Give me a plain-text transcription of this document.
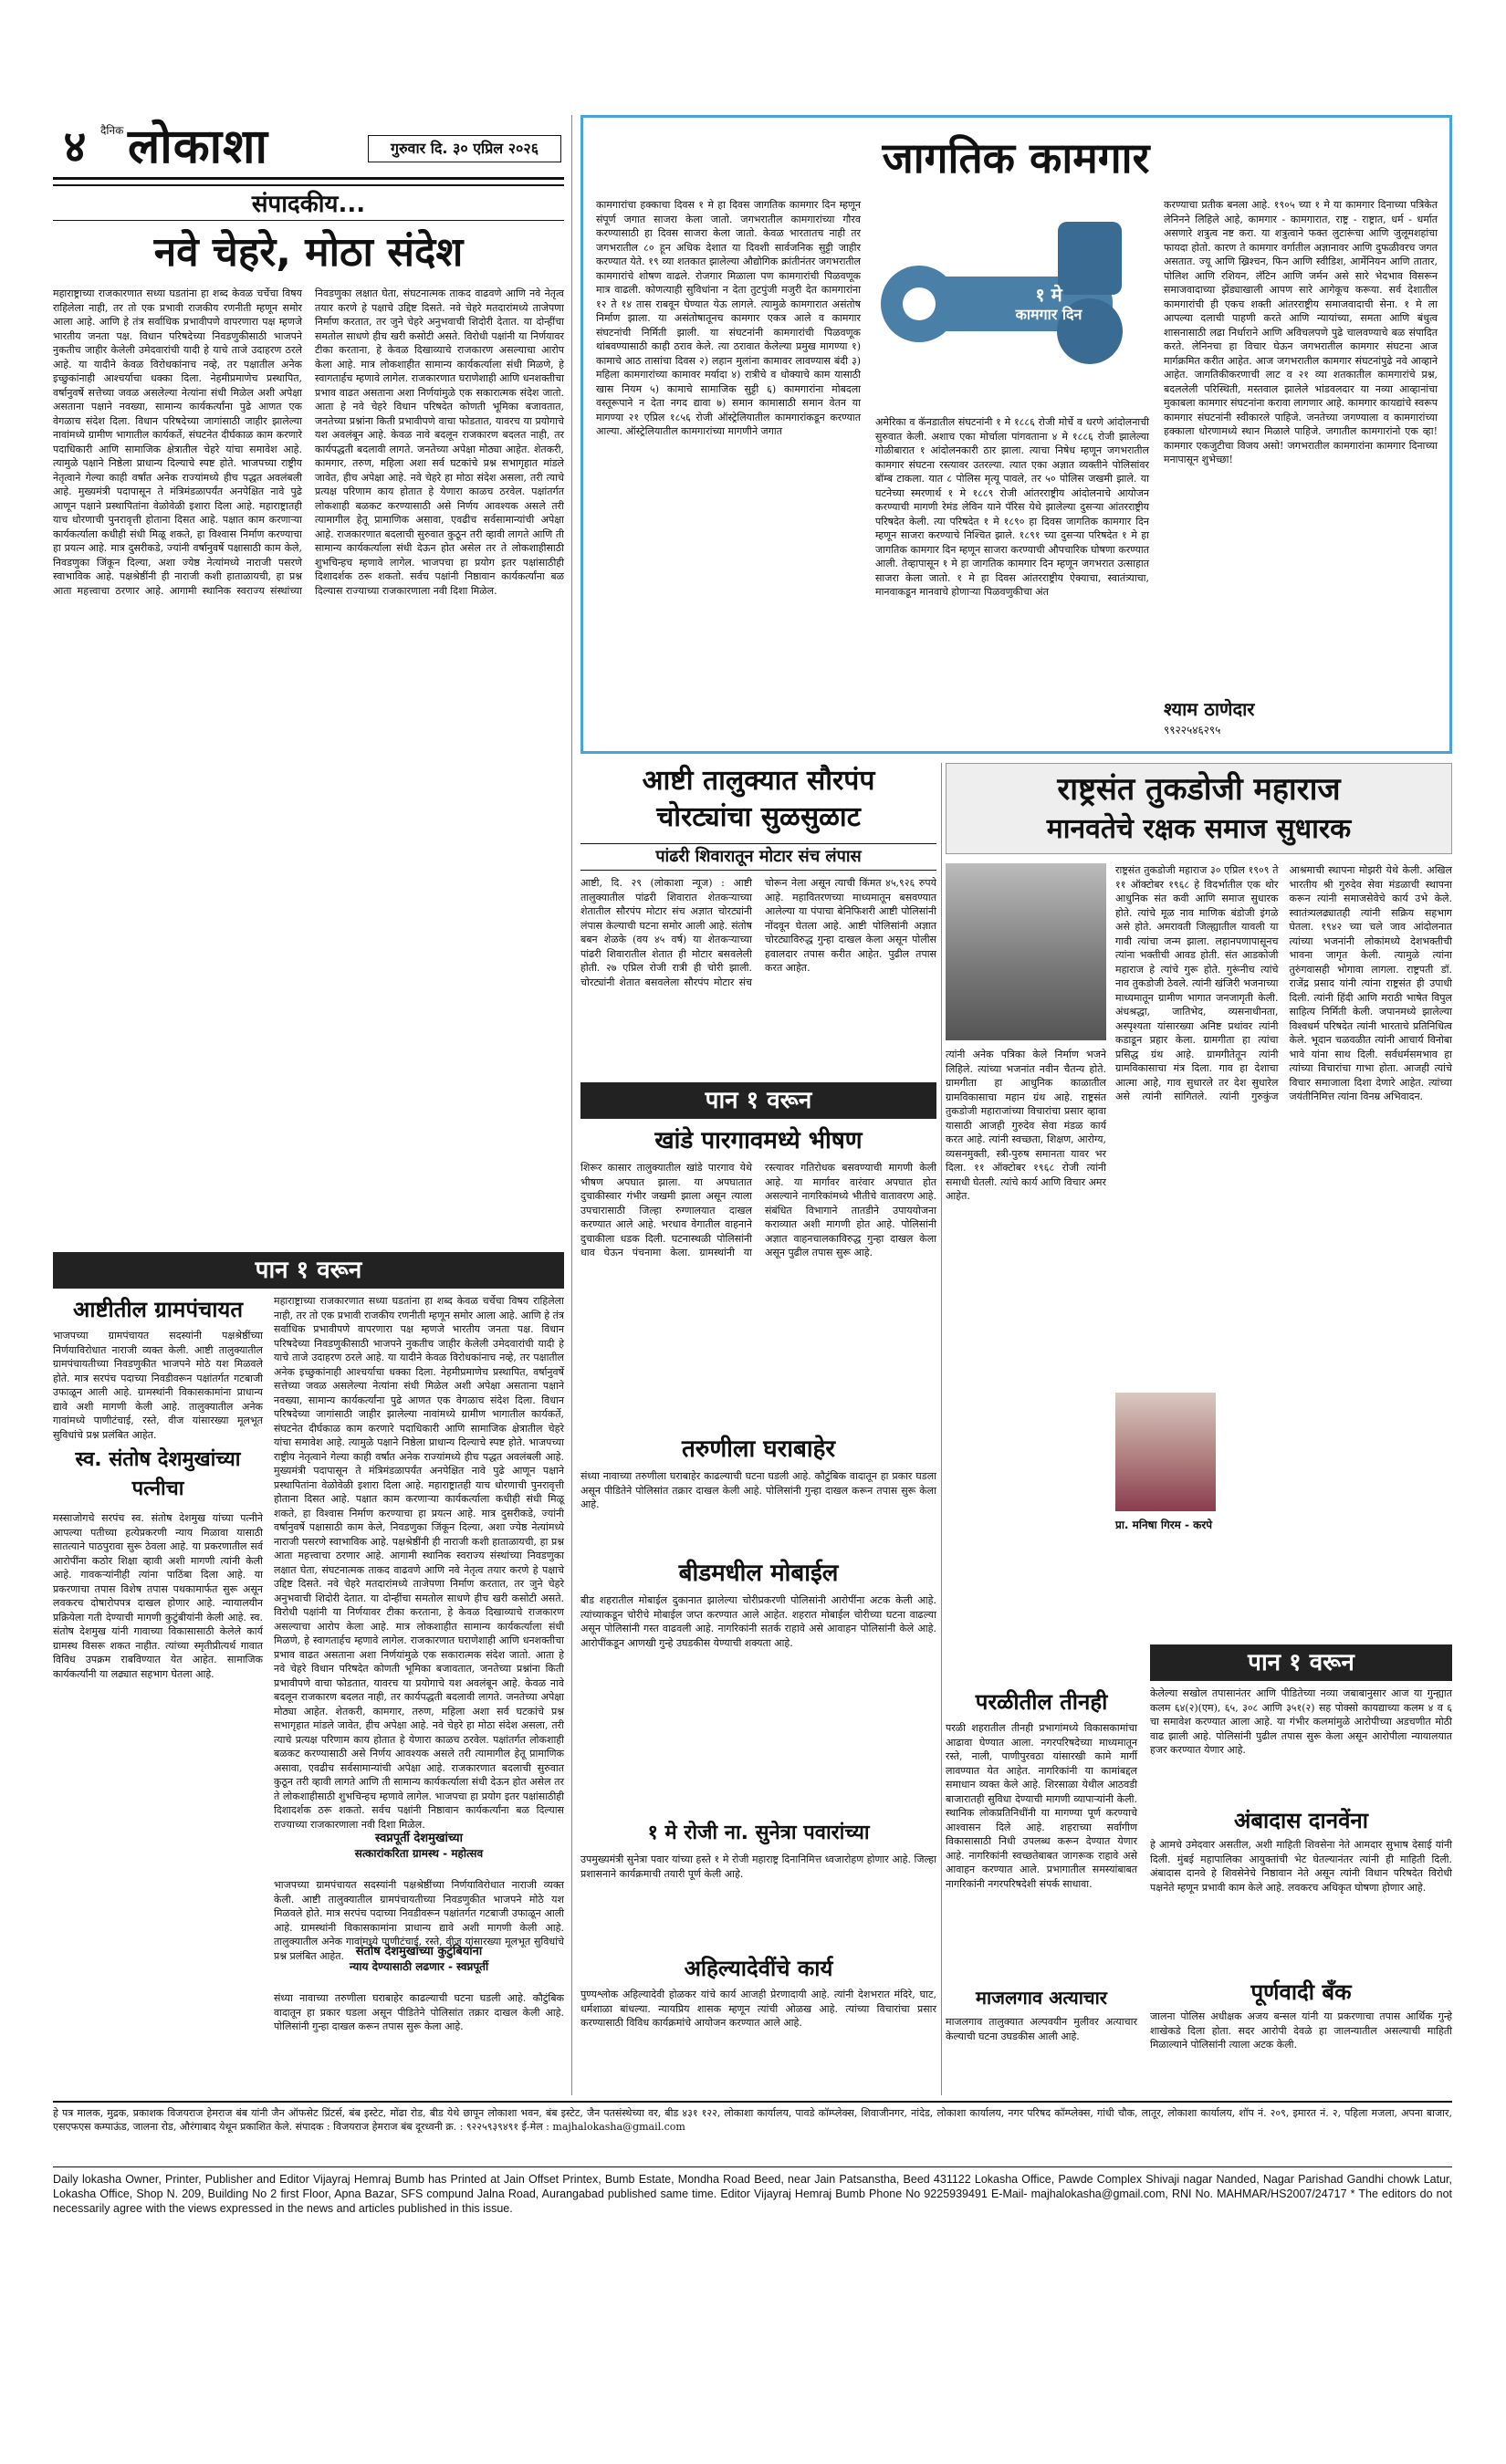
४	दैनिक लोकाशा	गुरुवार दि. ३० एप्रिल २०२६
संपादकीय...
नवे चेहरे, मोठा संदेश
महाराष्ट्राच्या राजकारणात सध्या घडतांना हा शब्द केवळ चर्चेचा विषय राहिलेला नाही, तर तो एक प्रभावी राजकीय रणनीती म्हणून समोर आला आहे. आणि हे तंत्र सर्वाधिक प्रभावीपणे वापरणारा पक्ष म्हणजे भारतीय जनता पक्ष. विधान परिषदेच्या निवडणुकीसाठी भाजपने नुकतीच जाहीर केलेली उमेदवारांची यादी हे याचे ताजे उदाहरण ठरले आहे. या यादीने केवळ विरोधकांनाच नव्हे, तर पक्षातील अनेक इच्छुकांनाही आश्चर्याचा धक्का दिला. नेहमीप्रमाणेच प्रस्थापित, वर्षानुवर्षे सत्तेच्या जवळ असलेल्या नेत्यांना संधी मिळेल अशी अपेक्षा असताना पक्षाने नवख्या, सामान्य कार्यकर्त्यांना पुढे आणत एक वेगळाच संदेश दिला. विधान परिषदेच्या जागांसाठी जाहीर झालेल्या नावांमध्ये ग्रामीण भागातील कार्यकर्ते, संघटनेत दीर्घकाळ काम करणारे पदाधिकारी आणि सामाजिक क्षेत्रातील चेहरे यांचा समावेश आहे. त्यामुळे पक्षाने निष्ठेला प्राधान्य दिल्याचे स्पष्ट होते. भाजपच्या राष्ट्रीय नेतृत्वाने गेल्या काही वर्षांत अनेक राज्यांमध्ये हीच पद्धत अवलंबली आहे. मुख्यमंत्री पदापासून ते मंत्रिमंडळापर्यंत अनपेक्षित नावे पुढे आणून पक्षाने प्रस्थापितांना वेळोवेळी इशारा दिला आहे. महाराष्ट्रातही याच धोरणाची पुनरावृत्ती होताना दिसत आहे. पक्षात काम करणाऱ्या कार्यकर्त्याला कधीही संधी मिळू शकते, हा विश्वास निर्माण करण्याचा हा प्रयत्न आहे. मात्र दुसरीकडे, ज्यांनी वर्षानुवर्षे पक्षासाठी काम केले, निवडणुका जिंकून दिल्या, अशा ज्येष्ठ नेत्यांमध्ये नाराजी पसरणे स्वाभाविक आहे. पक्षश्रेष्ठींनी ही नाराजी कशी हाताळायची, हा प्रश्न आता महत्त्वाचा ठरणार आहे. आगामी स्थानिक स्वराज्य संस्थांच्या निवडणुका लक्षात घेता, संघटनात्मक ताकद वाढवणे आणि नवे नेतृत्व तयार करणे हे पक्षाचे उद्दिष्ट दिसते. नवे चेहरे मतदारांमध्ये ताजेपणा निर्माण करतात, तर जुने चेहरे अनुभवाची शिदोरी देतात. या दोन्हींचा समतोल साधणे हीच खरी कसोटी असते. विरोधी पक्षांनी या निर्णयावर टीका करताना, हे केवळ दिखाव्याचे राजकारण असल्याचा आरोप केला आहे. मात्र लोकशाहीत सामान्य कार्यकर्त्याला संधी मिळणे, हे स्वागतार्हच म्हणावे लागेल. राजकारणात घराणेशाही आणि धनशक्तीचा प्रभाव वाढत असताना अशा निर्णयांमुळे एक सकारात्मक संदेश जातो. आता हे नवे चेहरे विधान परिषदेत कोणती भूमिका बजावतात, जनतेच्या प्रश्नांना किती प्रभावीपणे वाचा फोडतात, यावरच या प्रयोगाचे यश अवलंबून आहे. केवळ नावे बदलून राजकारण बदलत नाही, तर कार्यपद्धती बदलावी लागते. जनतेच्या अपेक्षा मोठ्या आहेत. शेतकरी, कामगार, तरुण, महिला अशा सर्व घटकांचे प्रश्न सभागृहात मांडले जावेत, हीच अपेक्षा आहे. नवे चेहरे हा मोठा संदेश असला, तरी त्याचे प्रत्यक्ष परिणाम काय होतात हे येणारा काळच ठरवेल. पक्षांतर्गत लोकशाही बळकट करण्यासाठी असे निर्णय आवश्यक असले तरी त्यामागील हेतू प्रामाणिक असावा, एवढीच सर्वसामान्यांची अपेक्षा आहे. राजकारणात बदलाची सुरुवात कुठून तरी व्हावी लागते आणि ती सामान्य कार्यकर्त्याला संधी देऊन होत असेल तर ते लोकशाहीसाठी शुभचिन्हच म्हणावे लागेल. भाजपचा हा प्रयोग इतर पक्षांसाठीही दिशादर्शक ठरू शकतो. सर्वच पक्षांनी निष्ठावान कार्यकर्त्यांना बळ दिल्यास राज्याच्या राजकारणाला नवी दिशा मिळेल.
जागतिक कामगार
कामगारांचा हक्काचा दिवस १ मे हा दिवस जागतिक कामगार दिन म्हणून संपूर्ण जगात साजरा केला जातो. जगभरातील कामगारांच्या गौरव करण्यासाठी हा दिवस साजरा केला जातो. केवळ भारतातच नाही तर जगभरातील ८० हून अधिक देशात या दिवशी सार्वजनिक सुट्टी जाहीर करण्यात येते. १९ व्या शतकात झालेल्या औद्योगिक क्रांतीनंतर जगभरातील कामगारांचे शोषण वाढले. रोजगार मिळाला पण कामगारांची पिळवणूक मात्र वाढली. कोणत्याही सुविधांना न देता तुटपुंजी मजुरी देत कामगारांना १२ ते १४ तास राबवून घेण्यात येऊ लागले. त्यामुळे कामगारात असंतोष निर्माण झाला. या असंतोषातूनच कामगार एकत्र आले व कामगार संघटनांची निर्मिती झाली. या संघटनांनी कामगारांची पिळवणूक थांबवण्यासाठी काही ठराव केले. त्या ठरावात केलेल्या प्रमुख मागण्या १) कामाचे आठ तासांचा दिवस २) लहान मुलांना कामावर लावण्यास बंदी ३) महिला कामगारांच्या कामावर मर्यादा ४) रात्रीचे व धोक्याचे काम यासाठी खास नियम ५) कामाचे सामाजिक सुट्टी ६) कामगारांना मोबदला वस्तूरूपाने न देता नगद द्यावा ७) समान कामासाठी समान वेतन या मागण्या २१ एप्रिल १८५६ रोजी ऑस्ट्रेलियातील कामगारांकडून करण्यात आल्या. ऑस्ट्रेलियातील कामगारांच्या मागणीने जगात
१ मे
कामगार दिन
अमेरिका व कॅनडातील संघटनांनी १ मे १८८६ रोजी मोर्चे व धरणे आंदोलनाची सुरुवात केली. अशाच एका मोर्चाला पांगवताना ४ मे १८८६ रोजी झालेल्या गोळीबारात १ आंदोलनकारी ठार झाला. त्याचा निषेध म्हणून जगभरातील कामगार संघटना रस्त्यावर उतरल्या. त्यात एका अज्ञात व्यक्तीने पोलिसांवर बॉम्ब टाकला. यात ८ पोलिस मृत्यू पावले, तर ५० पोलिस जखमी झाले. या घटनेच्या स्मरणार्थ १ मे १८८९ रोजी आंतरराष्ट्रीय आंदोलनाचे आयोजन करण्याची मागणी रेमंड लेविन याने पॅरिस येथे झालेल्या दुसऱ्या आंतरराष्ट्रीय परिषदेत केली. त्या परिषदेत १ मे १८९० हा दिवस जागतिक कामगार दिन म्हणून साजरा करण्याचे निश्चित झाले. १८९१ च्या दुसऱ्या परिषदेत १ मे हा जागतिक कामगार दिन म्हणून साजरा करण्याची औपचारिक घोषणा करण्यात आली. तेव्हापासून १ मे हा जागतिक कामगार दिन म्हणून जगभरात उत्साहात साजरा केला जातो. १ मे हा दिवस आंतरराष्ट्रीय ऐक्याचा, स्वातंत्र्याचा, मानवाकडून मानवाचे होणाऱ्या पिळवणुकीचा अंत
करण्याचा प्रतीक बनला आहे. १९०५ च्या १ मे या कामगार दिनाच्या पत्रिकेत लेनिनने लिहिले आहे, कामगार - कामगारात, राष्ट्र - राष्ट्रात, धर्म - धर्मात असणारे शत्रुत्व नष्ट करा. या शत्रुत्वाने फक्त लुटारूंचा आणि जुलूमशहांचा फायदा होतो. कारण ते कामगार वर्गातील अज्ञानावर आणि दुफळीवरच जगत असतात. ज्यू आणि ख्रिश्चन, फिन आणि स्वीडिश, आर्मेनियन आणि तातार, पोलिश आणि रशियन, लॅटिन आणि जर्मन असे सारे भेदभाव विसरून समाजवादाच्या झेंड्याखाली आपण सारे आगेकूच करूया. सर्व देशातील कामगारांची ही एकच शक्ती आंतरराष्ट्रीय समाजवादाची सेना. १ मे ला आपल्या दलाची पाहणी करते आणि न्यायांच्या, समता आणि बंधुत्व शासनासाठी लढा निर्धाराने आणि अविचलपणे पुढे चालवण्याचे बळ संपादित करते. लेनिनचा हा विचार घेऊन जगभरातील कामगार संघटना आज मार्गक्रमित करीत आहेत. आज जगभरातील कामगार संघटनांपुढे नवे आव्हाने आहेत. जागतिकीकरणाची लाट व २१ व्या शतकातील कामगारांचे प्रश्न, बदललेली परिस्थिती, मस्तवाल झालेले भांडवलदार या नव्या आव्हानांचा मुकाबला कामगार संघटनांना करावा लागणार आहे. कामगार कायद्यांचे स्वरूप कामगार संघटनांनी स्वीकारले पाहिजे. जनतेच्या जगण्याला व कामगारांच्या हक्काला धोरणामध्ये स्थान मिळाले पाहिजे. जगातील कामगारांनो एक व्हा! कामगार एकजुटीचा विजय असो! जगभरातील कामगारांना कामगार दिनाच्या मनापासून शुभेच्छा!
श्याम ठाणेदार
९९२२५४६२९५
आष्टी तालुक्यात सौरपंप
चोरट्यांचा सुळसुळाट
पांढरी शिवारातून मोटार संच लंपास
आष्टी, दि. २९ (लोकाशा न्यूज) : आष्टी तालुक्यातील पांढरी शिवारात शेतकऱ्याच्या शेतातील सौरपंप मोटार संच अज्ञात चोरट्यांनी लंपास केल्याची घटना समोर आली आहे. संतोष बबन शेळके (वय ४५ वर्ष) या शेतकऱ्याच्या पांढरी शिवारातील शेतात ही मोटार बसवलेली होती. २७ एप्रिल रोजी रात्री ही चोरी झाली. चोरट्यांनी शेतात बसवलेला सौरपंप मोटार संच चोरून नेला असून त्याची किंमत ४५,९२६ रुपये आहे. महावितरणच्या माध्यमातून बसवण्यात आलेल्या या पंपाचा बेनिफिशरी आष्टी पोलिसांनी नोंदवून घेतला आहे. आष्टी पोलिसांनी अज्ञात चोरट्याविरुद्ध गुन्हा दाखल केला असून पोलीस हवालदार तपास करीत आहेत. पुढील तपास करत आहेत.
राष्ट्रसंत तुकडोजी महाराज
मानवतेचे रक्षक समाज सुधारक
राष्ट्रसंत तुकडोजी महाराज ३० एप्रिल १९०९ ते ११ ऑक्टोबर १९६८ हे विदर्भातील एक थोर आधुनिक संत कवी आणि समाज सुधारक होते. त्यांचे मूळ नाव माणिक बंडोजी इंगळे असे होते. अमरावती जिल्ह्यातील यावली या गावी त्यांचा जन्म झाला. लहानपणापासूनच त्यांना भक्तीची आवड होती. संत आडकोजी महाराज हे त्यांचे गुरू होते. गुरूंनीच त्यांचे नाव तुकडोजी ठेवले. त्यांनी खंजिरी भजनाच्या माध्यमातून ग्रामीण भागात जनजागृती केली. अंधश्रद्धा, जातिभेद, व्यसनाधीनता, अस्पृश्यता यांसारख्या अनिष्ट प्रथांवर त्यांनी कडाडून प्रहार केला. ग्रामगीता हा त्यांचा प्रसिद्ध ग्रंथ आहे. ग्रामगीतेतून त्यांनी ग्रामविकासाचा मंत्र दिला. गाव हा देशाचा आत्मा आहे, गाव सुधारले तर देश सुधारेल असे त्यांनी सांगितले. त्यांनी गुरुकुंज आश्रमाची स्थापना मोझरी येथे केली. अखिल भारतीय श्री गुरुदेव सेवा मंडळाची स्थापना करून त्यांनी समाजसेवेचे कार्य उभे केले. स्वातंत्र्यलढ्यातही त्यांनी सक्रिय सहभाग घेतला. १९४२ च्या चले जाव आंदोलनात त्यांच्या भजनांनी लोकांमध्ये देशभक्तीची भावना जागृत केली. त्यामुळे त्यांना तुरुंगवासही भोगावा लागला. राष्ट्रपती डॉ. राजेंद्र प्रसाद यांनी त्यांना राष्ट्रसंत ही उपाधी दिली. त्यांनी हिंदी आणि मराठी भाषेत विपुल साहित्य निर्मिती केली. जपानमध्ये झालेल्या विश्वधर्म परिषदेत त्यांनी भारताचे प्रतिनिधित्व केले. भूदान चळवळीत त्यांनी आचार्य विनोबा भावे यांना साथ दिली. सर्वधर्मसमभाव हा त्यांच्या विचारांचा गाभा होता. आजही त्यांचे विचार समाजाला दिशा देणारे आहेत. त्यांच्या जयंतीनिमित्त त्यांना विनम्र अभिवादन.
त्यांनी अनेक पत्रिका केले निर्माण भजने लिहिले. त्यांच्या भजनांत नवीन चैतन्य होते. ग्रामगीता हा आधुनिक काळातील ग्रामविकासाचा महान ग्रंथ आहे. राष्ट्रसंत तुकडोजी महाराजांच्या विचारांचा प्रसार व्हावा यासाठी आजही गुरुदेव सेवा मंडळ कार्य करत आहे. त्यांनी स्वच्छता, शिक्षण, आरोग्य, व्यसनमुक्ती, स्त्री-पुरुष समानता यावर भर दिला. ११ ऑक्टोबर १९६८ रोजी त्यांनी समाधी घेतली. त्यांचे कार्य आणि विचार अमर आहेत.
प्रा. मनिषा गिरम - करपे
पान १ वरून
खांडे पारगावमध्ये भीषण
शिरूर कासार तालुक्यातील खांडे पारगाव येथे भीषण अपघात झाला. या अपघातात दुचाकीस्वार गंभीर जखमी झाला असून त्याला उपचारासाठी जिल्हा रुग्णालयात दाखल करण्यात आले आहे. भरधाव वेगातील वाहनाने दुचाकीला धडक दिली. घटनास्थळी पोलिसांनी धाव घेऊन पंचनामा केला. ग्रामस्थांनी या रस्त्यावर गतिरोधक बसवण्याची मागणी केली आहे. या मार्गावर वारंवार अपघात होत असल्याने नागरिकांमध्ये भीतीचे वातावरण आहे. संबंधित विभागाने तातडीने उपाययोजना कराव्यात अशी मागणी होत आहे. पोलिसांनी अज्ञात वाहनचालकाविरुद्ध गुन्हा दाखल केला असून पुढील तपास सुरू आहे.
तरुणीला घराबाहेर
संध्या नावाच्या तरुणीला घराबाहेर काढल्याची घटना घडली आहे. कौटुंबिक वादातून हा प्रकार घडला असून पीडितेने पोलिसांत तक्रार दाखल केली आहे. पोलिसांनी गुन्हा दाखल करून तपास सुरू केला आहे.
बीडमधील मोबाईल
बीड शहरातील मोबाईल दुकानात झालेल्या चोरीप्रकरणी पोलिसांनी आरोपींना अटक केली आहे. त्यांच्याकडून चोरीचे मोबाईल जप्त करण्यात आले आहेत. शहरात मोबाईल चोरीच्या घटना वाढल्या असून पोलिसांनी गस्त वाढवली आहे. नागरिकांनी सतर्क राहावे असे आवाहन पोलिसांनी केले आहे. आरोपींकडून आणखी गुन्हे उघडकीस येण्याची शक्यता आहे.
१ मे रोजी ना. सुनेत्रा पवारांच्या
उपमुख्यमंत्री सुनेत्रा पवार यांच्या हस्ते १ मे रोजी महाराष्ट्र दिनानिमित्त ध्वजारोहण होणार आहे. जिल्हा प्रशासनाने कार्यक्रमाची तयारी पूर्ण केली आहे.
अहिल्यादेवींचे कार्य
पुण्यश्लोक अहिल्यादेवी होळकर यांचे कार्य आजही प्रेरणादायी आहे. त्यांनी देशभरात मंदिरे, घाट, धर्मशाळा बांधल्या. न्यायप्रिय शासक म्हणून त्यांची ओळख आहे. त्यांच्या विचारांचा प्रसार करण्यासाठी विविध कार्यक्रमांचे आयोजन करण्यात आले आहे.
पान १ वरून
आष्टीतील ग्रामपंचायत
भाजपच्या ग्रामपंचायत सदस्यांनी पक्षश्रेष्ठींच्या निर्णयाविरोधात नाराजी व्यक्त केली. आष्टी तालुक्यातील ग्रामपंचायतीच्या निवडणुकीत भाजपने मोठे यश मिळवले होते. मात्र सरपंच पदाच्या निवडीवरून पक्षांतर्गत गटबाजी उफाळून आली आहे. ग्रामस्थांनी विकासकामांना प्राधान्य द्यावे अशी मागणी केली आहे. तालुक्यातील अनेक गावांमध्ये पाणीटंचाई, रस्ते, वीज यांसारख्या मूलभूत सुविधांचे प्रश्न प्रलंबित आहेत.
स्व. संतोष देशमुखांच्या
पत्नीचा
मस्साजोगचे सरपंच स्व. संतोष देशमुख यांच्या पत्नीने आपल्या पतीच्या हत्येप्रकरणी न्याय मिळावा यासाठी सातत्याने पाठपुरावा सुरू ठेवला आहे. या प्रकरणातील सर्व आरोपींना कठोर शिक्षा व्हावी अशी मागणी त्यांनी केली आहे. गावकऱ्यांनीही त्यांना पाठिंबा दिला आहे. या प्रकरणाचा तपास विशेष तपास पथकामार्फत सुरू असून लवकरच दोषारोपपत्र दाखल होणार आहे. न्यायालयीन प्रक्रियेला गती देण्याची मागणी कुटुंबीयांनी केली आहे. स्व. संतोष देशमुख यांनी गावाच्या विकासासाठी केलेले कार्य ग्रामस्थ विसरू शकत नाहीत. त्यांच्या स्मृतीप्रीत्यर्थ गावात विविध उपक्रम राबविण्यात येत आहेत. सामाजिक कार्यकर्त्यांनी या लढ्यात सहभाग घेतला आहे.
महाराष्ट्राच्या राजकारणात सध्या घडतांना हा शब्द केवळ चर्चेचा विषय राहिलेला नाही, तर तो एक प्रभावी राजकीय रणनीती म्हणून समोर आला आहे. आणि हे तंत्र सर्वाधिक प्रभावीपणे वापरणारा पक्ष म्हणजे भारतीय जनता पक्ष. विधान परिषदेच्या निवडणुकीसाठी भाजपने नुकतीच जाहीर केलेली उमेदवारांची यादी हे याचे ताजे उदाहरण ठरले आहे. या यादीने केवळ विरोधकांनाच नव्हे, तर पक्षातील अनेक इच्छुकांनाही आश्चर्याचा धक्का दिला. नेहमीप्रमाणेच प्रस्थापित, वर्षानुवर्षे सत्तेच्या जवळ असलेल्या नेत्यांना संधी मिळेल अशी अपेक्षा असताना पक्षाने नवख्या, सामान्य कार्यकर्त्यांना पुढे आणत एक वेगळाच संदेश दिला. विधान परिषदेच्या जागांसाठी जाहीर झालेल्या नावांमध्ये ग्रामीण भागातील कार्यकर्ते, संघटनेत दीर्घकाळ काम करणारे पदाधिकारी आणि सामाजिक क्षेत्रातील चेहरे यांचा समावेश आहे. त्यामुळे पक्षाने निष्ठेला प्राधान्य दिल्याचे स्पष्ट होते. भाजपच्या राष्ट्रीय नेतृत्वाने गेल्या काही वर्षांत अनेक राज्यांमध्ये हीच पद्धत अवलंबली आहे. मुख्यमंत्री पदापासून ते मंत्रिमंडळापर्यंत अनपेक्षित नावे पुढे आणून पक्षाने प्रस्थापितांना वेळोवेळी इशारा दिला आहे. महाराष्ट्रातही याच धोरणाची पुनरावृत्ती होताना दिसत आहे. पक्षात काम करणाऱ्या कार्यकर्त्याला कधीही संधी मिळू शकते, हा विश्वास निर्माण करण्याचा हा प्रयत्न आहे. मात्र दुसरीकडे, ज्यांनी वर्षानुवर्षे पक्षासाठी काम केले, निवडणुका जिंकून दिल्या, अशा ज्येष्ठ नेत्यांमध्ये नाराजी पसरणे स्वाभाविक आहे. पक्षश्रेष्ठींनी ही नाराजी कशी हाताळायची, हा प्रश्न आता महत्त्वाचा ठरणार आहे. आगामी स्थानिक स्वराज्य संस्थांच्या निवडणुका लक्षात घेता, संघटनात्मक ताकद वाढवणे आणि नवे नेतृत्व तयार करणे हे पक्षाचे उद्दिष्ट दिसते. नवे चेहरे मतदारांमध्ये ताजेपणा निर्माण करतात, तर जुने चेहरे अनुभवाची शिदोरी देतात. या दोन्हींचा समतोल साधणे हीच खरी कसोटी असते. विरोधी पक्षांनी या निर्णयावर टीका करताना, हे केवळ दिखाव्याचे राजकारण असल्याचा आरोप केला आहे. मात्र लोकशाहीत सामान्य कार्यकर्त्याला संधी मिळणे, हे स्वागतार्हच म्हणावे लागेल. राजकारणात घराणेशाही आणि धनशक्तीचा प्रभाव वाढत असताना अशा निर्णयांमुळे एक सकारात्मक संदेश जातो. आता हे नवे चेहरे विधान परिषदेत कोणती भूमिका बजावतात, जनतेच्या प्रश्नांना किती प्रभावीपणे वाचा फोडतात, यावरच या प्रयोगाचे यश अवलंबून आहे. केवळ नावे बदलून राजकारण बदलत नाही, तर कार्यपद्धती बदलावी लागते. जनतेच्या अपेक्षा मोठ्या आहेत. शेतकरी, कामगार, तरुण, महिला अशा सर्व घटकांचे प्रश्न सभागृहात मांडले जावेत, हीच अपेक्षा आहे. नवे चेहरे हा मोठा संदेश असला, तरी त्याचे प्रत्यक्ष परिणाम काय होतात हे येणारा काळच ठरवेल. पक्षांतर्गत लोकशाही बळकट करण्यासाठी असे निर्णय आवश्यक असले तरी त्यामागील हेतू प्रामाणिक असावा, एवढीच सर्वसामान्यांची अपेक्षा आहे. राजकारणात बदलाची सुरुवात कुठून तरी व्हावी लागते आणि ती सामान्य कार्यकर्त्याला संधी देऊन होत असेल तर ते लोकशाहीसाठी शुभचिन्हच म्हणावे लागेल. भाजपचा हा प्रयोग इतर पक्षांसाठीही दिशादर्शक ठरू शकतो. सर्वच पक्षांनी निष्ठावान कार्यकर्त्यांना बळ दिल्यास राज्याच्या राजकारणाला नवी दिशा मिळेल.
स्वप्नपूर्ती देशमुखांच्या
सत्कारांकरिता ग्रामस्थ - महोत्सव
भाजपच्या ग्रामपंचायत सदस्यांनी पक्षश्रेष्ठींच्या निर्णयाविरोधात नाराजी व्यक्त केली. आष्टी तालुक्यातील ग्रामपंचायतीच्या निवडणुकीत भाजपने मोठे यश मिळवले होते. मात्र सरपंच पदाच्या निवडीवरून पक्षांतर्गत गटबाजी उफाळून आली आहे. ग्रामस्थांनी विकासकामांना प्राधान्य द्यावे अशी मागणी केली आहे. तालुक्यातील अनेक गावांमध्ये पाणीटंचाई, रस्ते, वीज यांसारख्या मूलभूत सुविधांचे प्रश्न प्रलंबित आहेत. संतोष देशमुखांच्या कुटुंबियांना
न्याय देण्यासाठी लढणार - स्वप्नपूर्ती
संध्या नावाच्या तरुणीला घराबाहेर काढल्याची घटना घडली आहे. कौटुंबिक वादातून हा प्रकार घडला असून पीडितेने पोलिसांत तक्रार दाखल केली आहे. पोलिसांनी गुन्हा दाखल करून तपास सुरू केला आहे.
पान १ वरून
परळीतील तीनही
परळी शहरातील तीनही प्रभागांमध्ये विकासकामांचा आढावा घेण्यात आला. नगरपरिषदेच्या माध्यमातून रस्ते, नाली, पाणीपुरवठा यांसारखी कामे मार्गी लावण्यात येत आहेत. नागरिकांनी या कामांबद्दल समाधान व्यक्त केले आहे. शिरसाळा येथील आठवडी बाजारातही सुविधा देण्याची मागणी व्यापाऱ्यांनी केली. स्थानिक लोकप्रतिनिधींनी या मागण्या पूर्ण करण्याचे आश्वासन दिले आहे. शहराच्या सर्वांगीण विकासासाठी निधी उपलब्ध करून देण्यात येणार आहे. नागरिकांनी स्वच्छतेबाबत जागरूक राहावे असे आवाहन करण्यात आले. प्रभागातील समस्यांबाबत नागरिकांनी नगरपरिषदेशी संपर्क साधावा.
माजलगाव अत्याचार
माजलगाव तालुक्यात अल्पवयीन मुलीवर अत्याचार केल्याची घटना उघडकीस आली आहे.
केलेल्या सखोल तपासानंतर आणि पीडितेच्या नव्या जबाबानुसार आज या गुन्ह्यात कलम ६४(२)(एम), ६५, ३०८ आणि ३५१(२) सह पोक्सो कायद्याच्या कलम ४ व ६ चा समावेश करण्यात आला आहे. या गंभीर कलमांमुळे आरोपीच्या अडचणीत मोठी वाढ झाली आहे. पोलिसांनी पुढील तपास सुरू केला असून आरोपीला न्यायालयात हजर करण्यात येणार आहे.
अंबादास दानवेंना
हे आमचे उमेदवार असतील, अशी माहिती शिवसेना नेते आमदार सुभाष देसाई यांनी दिली. मुंबई महापालिका आयुक्तांची भेट घेतल्यानंतर त्यांनी ही माहिती दिली. अंबादास दानवे हे शिवसेनेचे निष्ठावान नेते असून त्यांनी विधान परिषदेत विरोधी पक्षनेते म्हणून प्रभावी काम केले आहे. लवकरच अधिकृत घोषणा होणार आहे.
पूर्णवादी बँक
जालना पोलिस अधीक्षक अजय बन्सल यांनी या प्रकरणाचा तपास आर्थिक गुन्हे शाखेकडे दिला होता. सदर आरोपी देवळे हा जालन्यातील असल्याची माहिती मिळाल्याने पोलिसांनी त्याला अटक केली.
हे पत्र मालक, मुद्रक, प्रकाशक विजयराज हेमराज बंब यांनी जैन ऑफसेट प्रिंटर्स, बंब इस्टेट, मोंढा रोड, बीड येथे छापून लोकाशा भवन, बंब इस्टेट, जैन पतसंस्थेच्या वर, बीड ४३१ १२२, लोकाशा कार्यालय, पावडे कॉम्प्लेक्स, शिवाजीनगर, नांदेड, लोकाशा कार्यालय, नगर परिषद कॉम्प्लेक्स, गांधी चौक, लातूर, लोकाशा कार्यालय, शॉप नं. २०९, इमारत नं. २, पहिला मजला, अपना बाजार, एसएफएस कम्पाऊंड, जालना रोड, औरंगाबाद येथून प्रकाशित केले. संपादक : विजयराज हेमराज बंब दूरध्वनी क्र. : ९२२५९३९४९१ ई-मेल : majhalokasha@gmail.com
Daily lokasha Owner, Printer, Publisher and Editor Vijayraj Hemraj Bumb has Printed at Jain Offset Printex, Bumb Estate, Mondha Road Beed, near Jain Patsanstha, Beed 431122 Lokasha Office, Pawde Complex Shivaji nagar Nanded, Nagar Parishad Gandhi chowk Latur, Lokasha Office, Shop N. 209, Building No 2 first Floor, Apna Bazar, SFS compund Jalna Road, Aurangabad published same time. Editor Vijayraj Hemraj Bumb Phone No 9225939491 E-Mail- majhalokasha@gmail.com, RNI No. MAHMAR/HS2007/24717 * The editors do not necessarily agree with the views expressed in the news and articles published in this issue.
